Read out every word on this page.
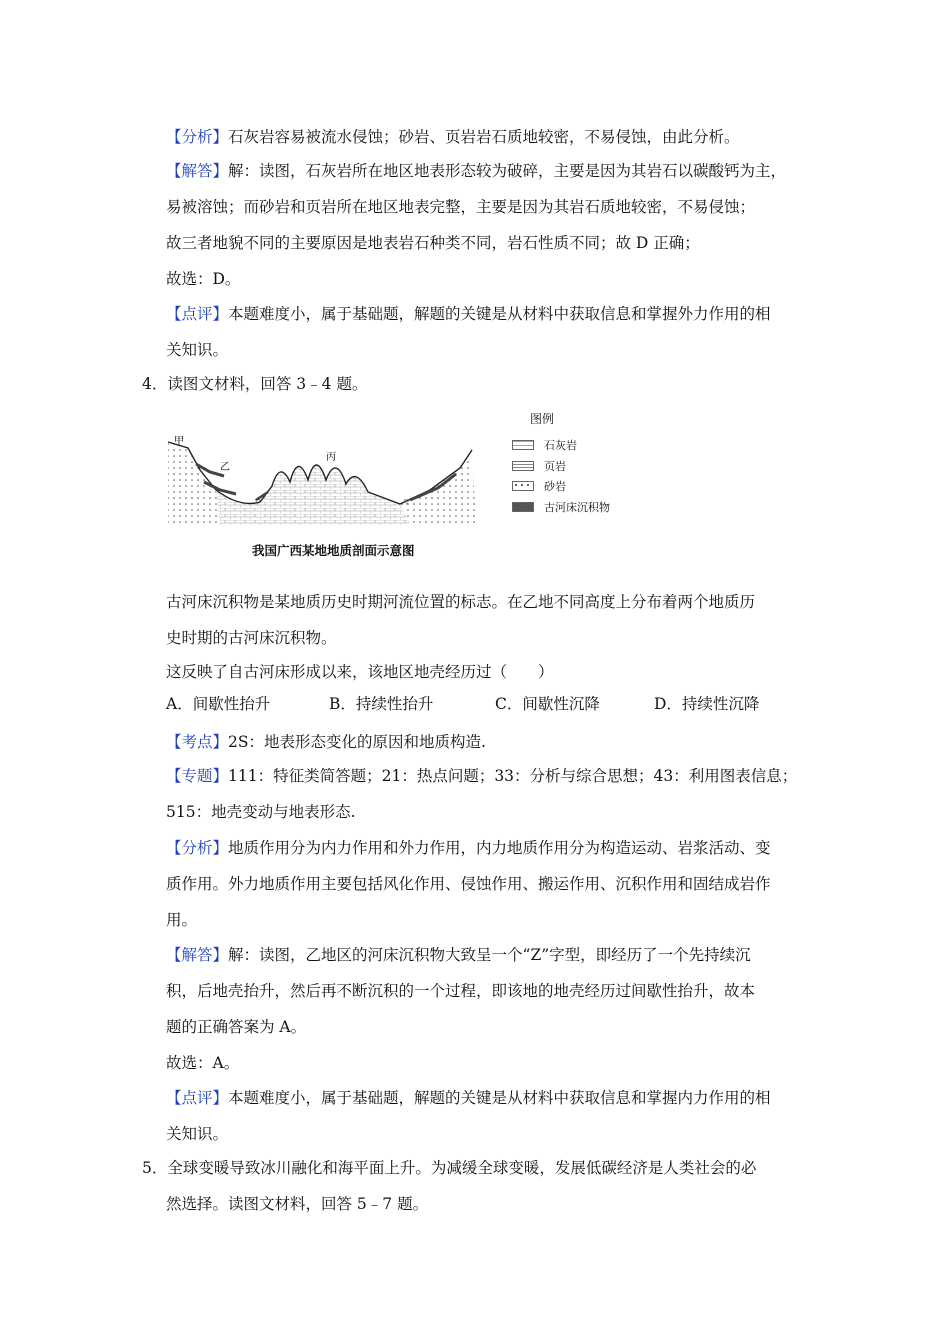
【分析】石灰岩容易被流水侵蚀；砂岩、页岩岩石质地较密，不易侵蚀，由此分析。
【解答】解：读图，石灰岩所在地区地表形态较为破碎，主要是因为其岩石以碳酸钙为主，
易被溶蚀；而砂岩和页岩所在地区地表完整，主要是因为其岩石质地较密，不易侵蚀；
故三者地貌不同的主要原因是地表岩石种类不同，岩石性质不同；故 D 正确；
故选：D。
【点评】本题难度小，属于基础题，解题的关键是从材料中获取信息和掌握外力作用的相
关知识。
4．读图文材料，回答 3﹣4 题。
▽	▽
甲
乙
丙
图例
石灰岩
页岩
砂岩
古河床沉积物
我国广西某地地质剖面示意图
古河床沉积物是某地质历史时期河流位置的标志。在乙地不同高度上分布着两个地质历
史时期的古河床沉积物。
这反映了自古河床形成以来，该地区地壳经历过（　　）
A．间歇性抬升	B．持续性抬升	C．间歇性沉降	D．持续性沉降
【考点】2S：地表形态变化的原因和地质构造.
【专题】111：特征类简答题；21：热点问题；33：分析与综合思想；43：利用图表信息；
515：地壳变动与地表形态.
【分析】地质作用分为内力作用和外力作用，内力地质作用分为构造运动、岩浆活动、变
质作用。外力地质作用主要包括风化作用、侵蚀作用、搬运作用、沉积作用和固结成岩作
用。
【解答】解：读图，乙地区的河床沉积物大致呈一个“Z”字型，即经历了一个先持续沉
积，后地壳抬升，然后再不断沉积的一个过程，即该地的地壳经历过间歇性抬升，故本
题的正确答案为 A。
故选：A。
【点评】本题难度小，属于基础题，解题的关键是从材料中获取信息和掌握内力作用的相
关知识。
5．全球变暖导致冰川融化和海平面上升。为减缓全球变暖，发展低碳经济是人类社会的必
然选择。读图文材料，回答 5﹣7 题。
